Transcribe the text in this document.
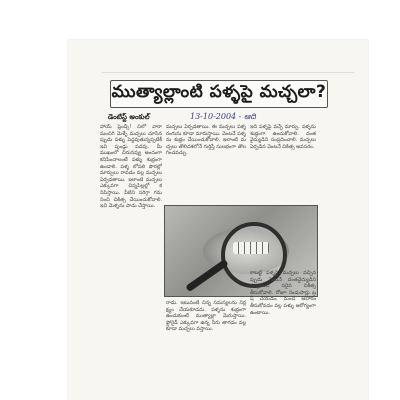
ముత్యాల్లాంటి పళ్ళపై మచ్చలా?
డెంటిస్ట్ అంకుల్	13-10-2004 - ఆది

హాయ్ ఫ్రెండ్స్! చిలో వారా మంచిగి మెళ్ళే మచ్చలు చూసినప్పుడు పళ్ళు పెద్దవుతున్నప్పటికీ ఇవి పుండ్లు పడవు. మీ ముఖంలో చిరునవ్వు అందంగా కనిపించాలంటే పళ్ళు శుభ్రంగా ఉండాలి. పళ్ళ లోపలి పొరల్లో మార్పులు రావడం వల్ల మచ్చలు ఏర్పడతాయి. ఇలాంటి మచ్చలు ఎక్కువగా చిన్నపిల్లల్లో కనిపిస్తాయి. వీటిని సరిగ్గా గమనించి చికిత్స చేయించుకోవాలి. ఇవి మెళ్ళను పాడు చేస్తాయి.

మచ్చలు ఏర్పడతాయి. ఈ మచ్చలు పళ్ళ రంగును కూడా మారుస్తాయి. వెంటనే పళ్ళను శుభ్రం చేయించుకోవాలి. ఇలాంటి మచ్చలు తొలిదశలోనే గుర్తిస్తే సులభంగా తొలగించవచ్చు.

ఇది పళ్ళపై వచ్చే మార్పు. పళ్ళను శుభ్రంగా ఉంచుకోవాలి. దంతవైద్యుడిని సంప్రదించాలి. మచ్చలు ఏర్పడిన వెంటనే చికిత్స అవసరం.

కాబట్టి పళ్ళపై మచ్చలు వచ్చినప్పుడు వెంటనే దంతవైద్యుడిని సంప్రదించి సరైన చికిత్స తీసుకోవాలి. రోజూ రెండుసార్లు బ్రష్ చేయడం, మంచి ఆహారం తీసుకోవడం వల్ల పళ్ళు ఆరోగ్యంగా ఉంటాయి.

రాడు. ఇటువంటి చిన్న సమస్యలను నిర్లక్ష్యం చేయకూడదు. పళ్ళను శుభ్రంగా ఉంచుకుంటే ముత్యాల్లా మెరుస్తాయి. ఫ్లోరైడ్ ఎక్కువగా ఉన్న నీరు తాగడం వల్ల కూడా మచ్చలు వస్తాయి.
